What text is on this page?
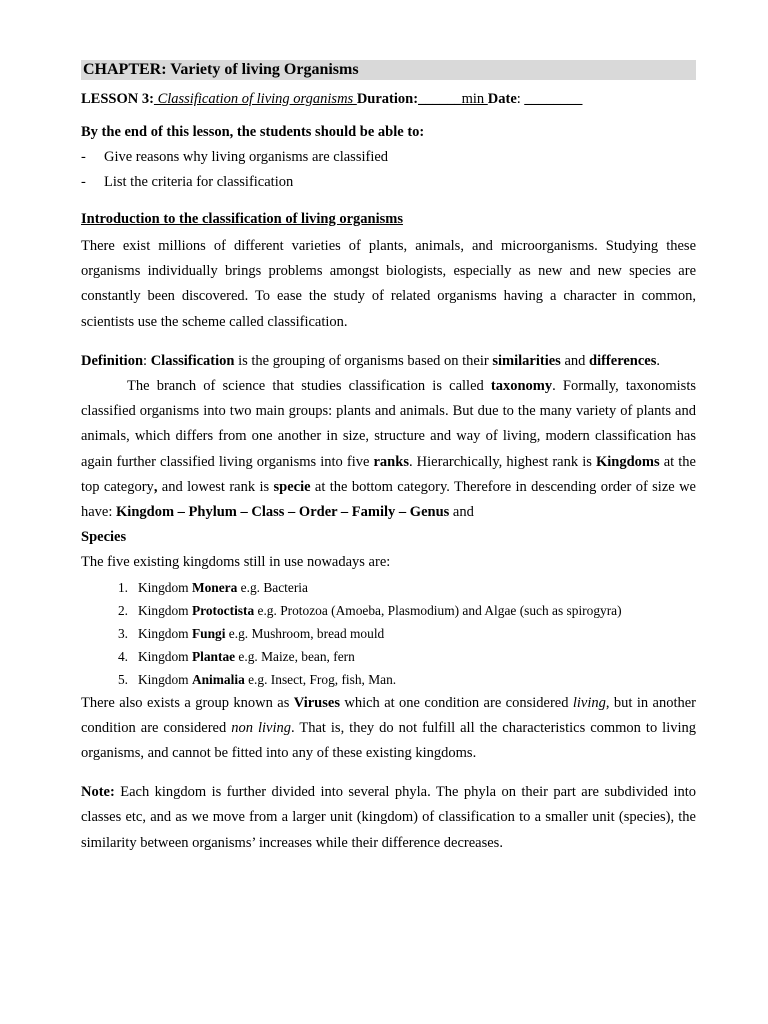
CHAPTER: Variety of living Organisms
LESSON 3: Classification of living organisms Duration:______min Date: ________
By the end of this lesson, the students should be able to:
-	Give reasons why living organisms are classified
-	List the criteria for classification
Introduction to the classification of living organisms

There exist millions of different varieties of plants, animals, and microorganisms. Studying these organisms individually brings problems amongst biologists, especially as new and new species are constantly been discovered. To ease the study of related organisms having a character in common, scientists use the scheme called classification.

Definition: Classification is the grouping of organisms based on their similarities and differences.

The branch of science that studies classification is called taxonomy. Formally, taxonomists classified organisms into two main groups: plants and animals. But due to the many variety of plants and animals, which differs from one another in size, structure and way of living, modern classification has again further classified living organisms into five ranks. Hierarchically, highest rank is Kingdoms at the top category, and lowest rank is specie at the bottom category. Therefore in descending order of size we have: Kingdom – Phylum – Class – Order – Family – Genus and
Species

The five existing kingdoms still in use nowadays are:

1. Kingdom Monera e.g. Bacteria
2. Kingdom Protoctista e.g. Protozoa (Amoeba, Plasmodium) and Algae (such as spirogyra)
3. Kingdom Fungi e.g. Mushroom, bread mould
4. Kingdom Plantae e.g. Maize, bean, fern
5. Kingdom Animalia e.g. Insect, Frog, fish, Man.

There also exists a group known as Viruses which at one condition are considered living, but in another condition are considered non living. That is, they do not fulfill all the characteristics common to living organisms, and cannot be fitted into any of these existing kingdoms.

Note: Each kingdom is further divided into several phyla. The phyla on their part are subdivided into classes etc, and as we move from a larger unit (kingdom) of classification to a smaller unit (species), the similarity between organisms’ increases while their difference decreases.
